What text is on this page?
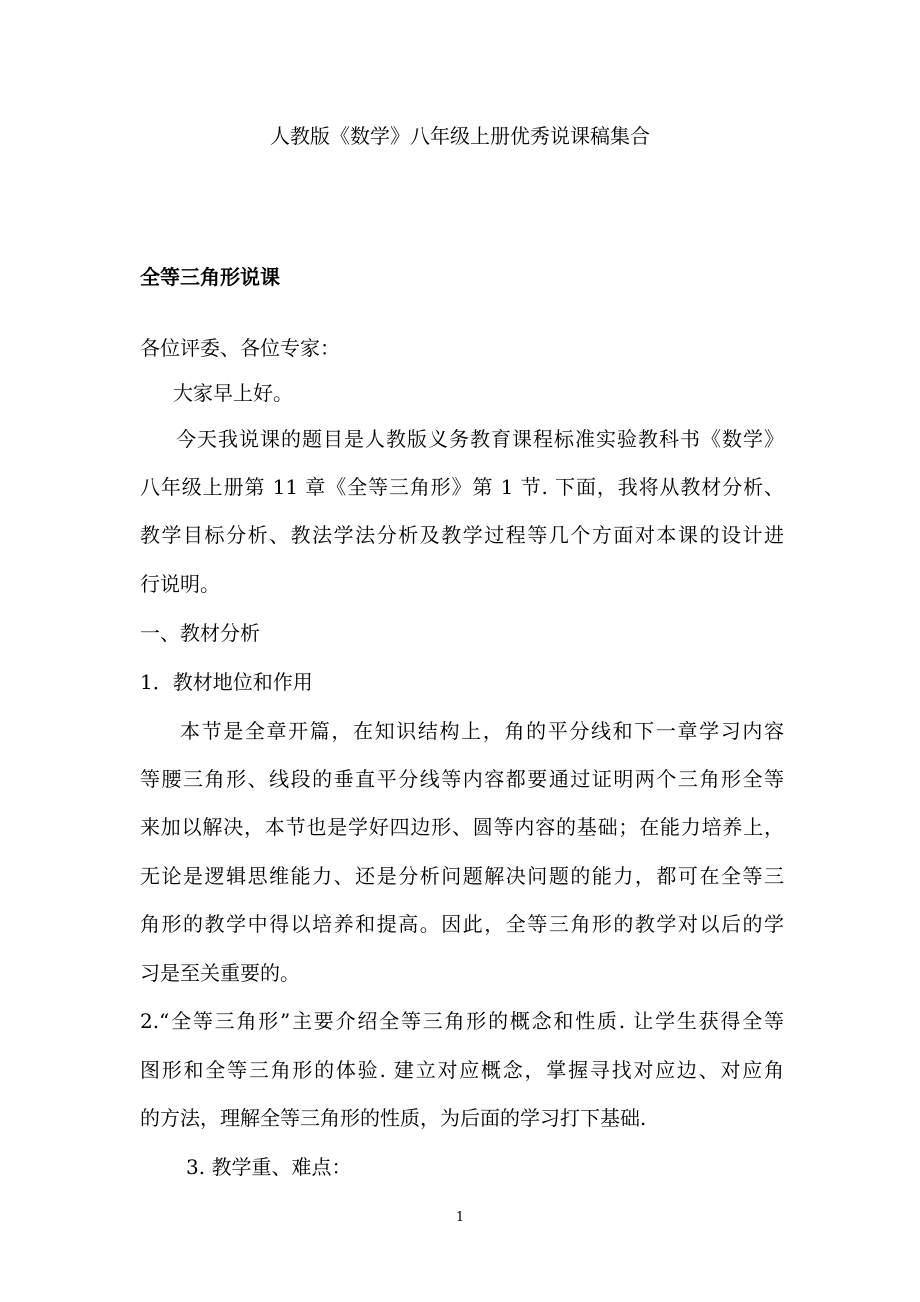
人教版《数学》八年级上册优秀说课稿集合
全等三角形说课
各位评委、各位专家：
大家早上好。
今天我说课的题目是人教版义务教育课程标准实验教科书《数学》
八年级上册第 11 章《全等三角形》第 1 节. 下面，我将从教材分析、
教学目标分析、教法学法分析及教学过程等几个方面对本课的设计进
行说明。
一、教材分析
1．教材地位和作用
本节是全章开篇，在知识结构上，角的平分线和下一章学习内容
等腰三角形、线段的垂直平分线等内容都要通过证明两个三角形全等
来加以解决，本节也是学好四边形、圆等内容的基础；在能力培养上，
无论是逻辑思维能力、还是分析问题解决问题的能力，都可在全等三
角形的教学中得以培养和提高。因此，全等三角形的教学对以后的学
习是至关重要的。
2.“全等三角形”主要介绍全等三角形的概念和性质. 让学生获得全等
图形和全等三角形的体验. 建立对应概念，掌握寻找对应边、对应角
的方法，理解全等三角形的性质，为后面的学习打下基础.
3. 教学重、难点：
1
